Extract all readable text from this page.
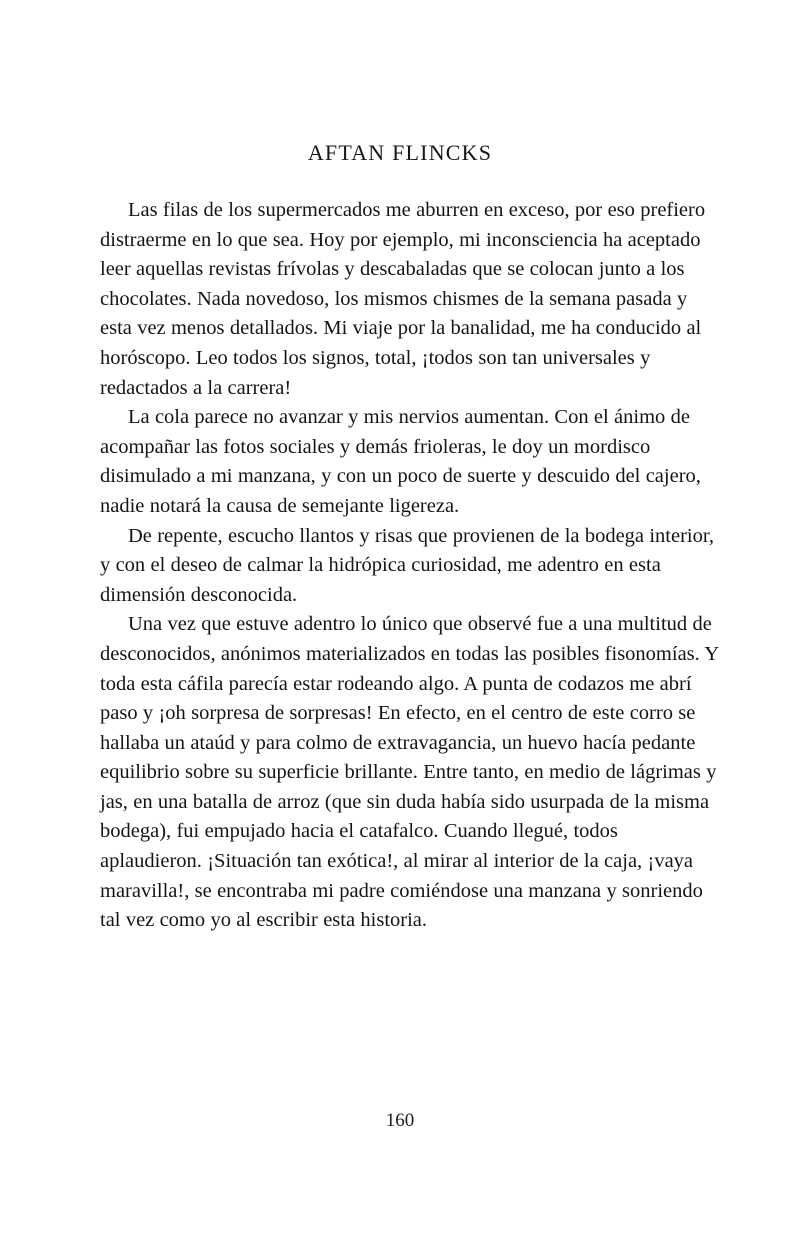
AFTAN FLINCKS

Las filas de los supermercados me aburren en exceso, por eso prefiero distraerme en lo que sea. Hoy por ejemplo, mi inconsciencia ha aceptado leer aquellas revistas frívolas y descabaladas que se colocan junto a los chocolates. Nada novedoso, los mismos chismes de la semana pasada y esta vez menos detallados. Mi viaje por la banalidad, me ha conducido al horóscopo. Leo todos los signos, total, ¡todos son tan universales y redactados a la carrera!

La cola parece no avanzar y mis nervios aumentan. Con el ánimo de acompañar las fotos sociales y demás frioleras, le doy un mordisco disimulado a mi manzana, y con un poco de suerte y descuido del cajero, nadie notará la causa de semejante ligereza.

De repente, escucho llantos y risas que provienen de la bodega interior, y con el deseo de calmar la hidrópica curiosidad, me adentro en esta dimensión desconocida.

Una vez que estuve adentro lo único que observé fue a una multitud de desconocidos, anónimos materializados en todas las posibles fisonomías. Y toda esta cáfila parecía estar rodeando algo. A punta de codazos me abrí paso y ¡oh sorpresa de sorpresas! En efecto, en el centro de este corro se hallaba un ataúd y para colmo de extravagancia, un huevo hacía pedante equilibrio sobre su superficie brillante. Entre tanto, en medio de lágrimas y jas, en una batalla de arroz (que sin duda había sido usurpada de la misma bodega), fui empujado hacia el catafalco. Cuando llegué, todos aplaudieron. ¡Situación tan exótica!, al mirar al interior de la caja, ¡vaya maravilla!, se encontraba mi padre comiéndose una manzana y sonriendo tal vez como yo al escribir esta historia.

160
